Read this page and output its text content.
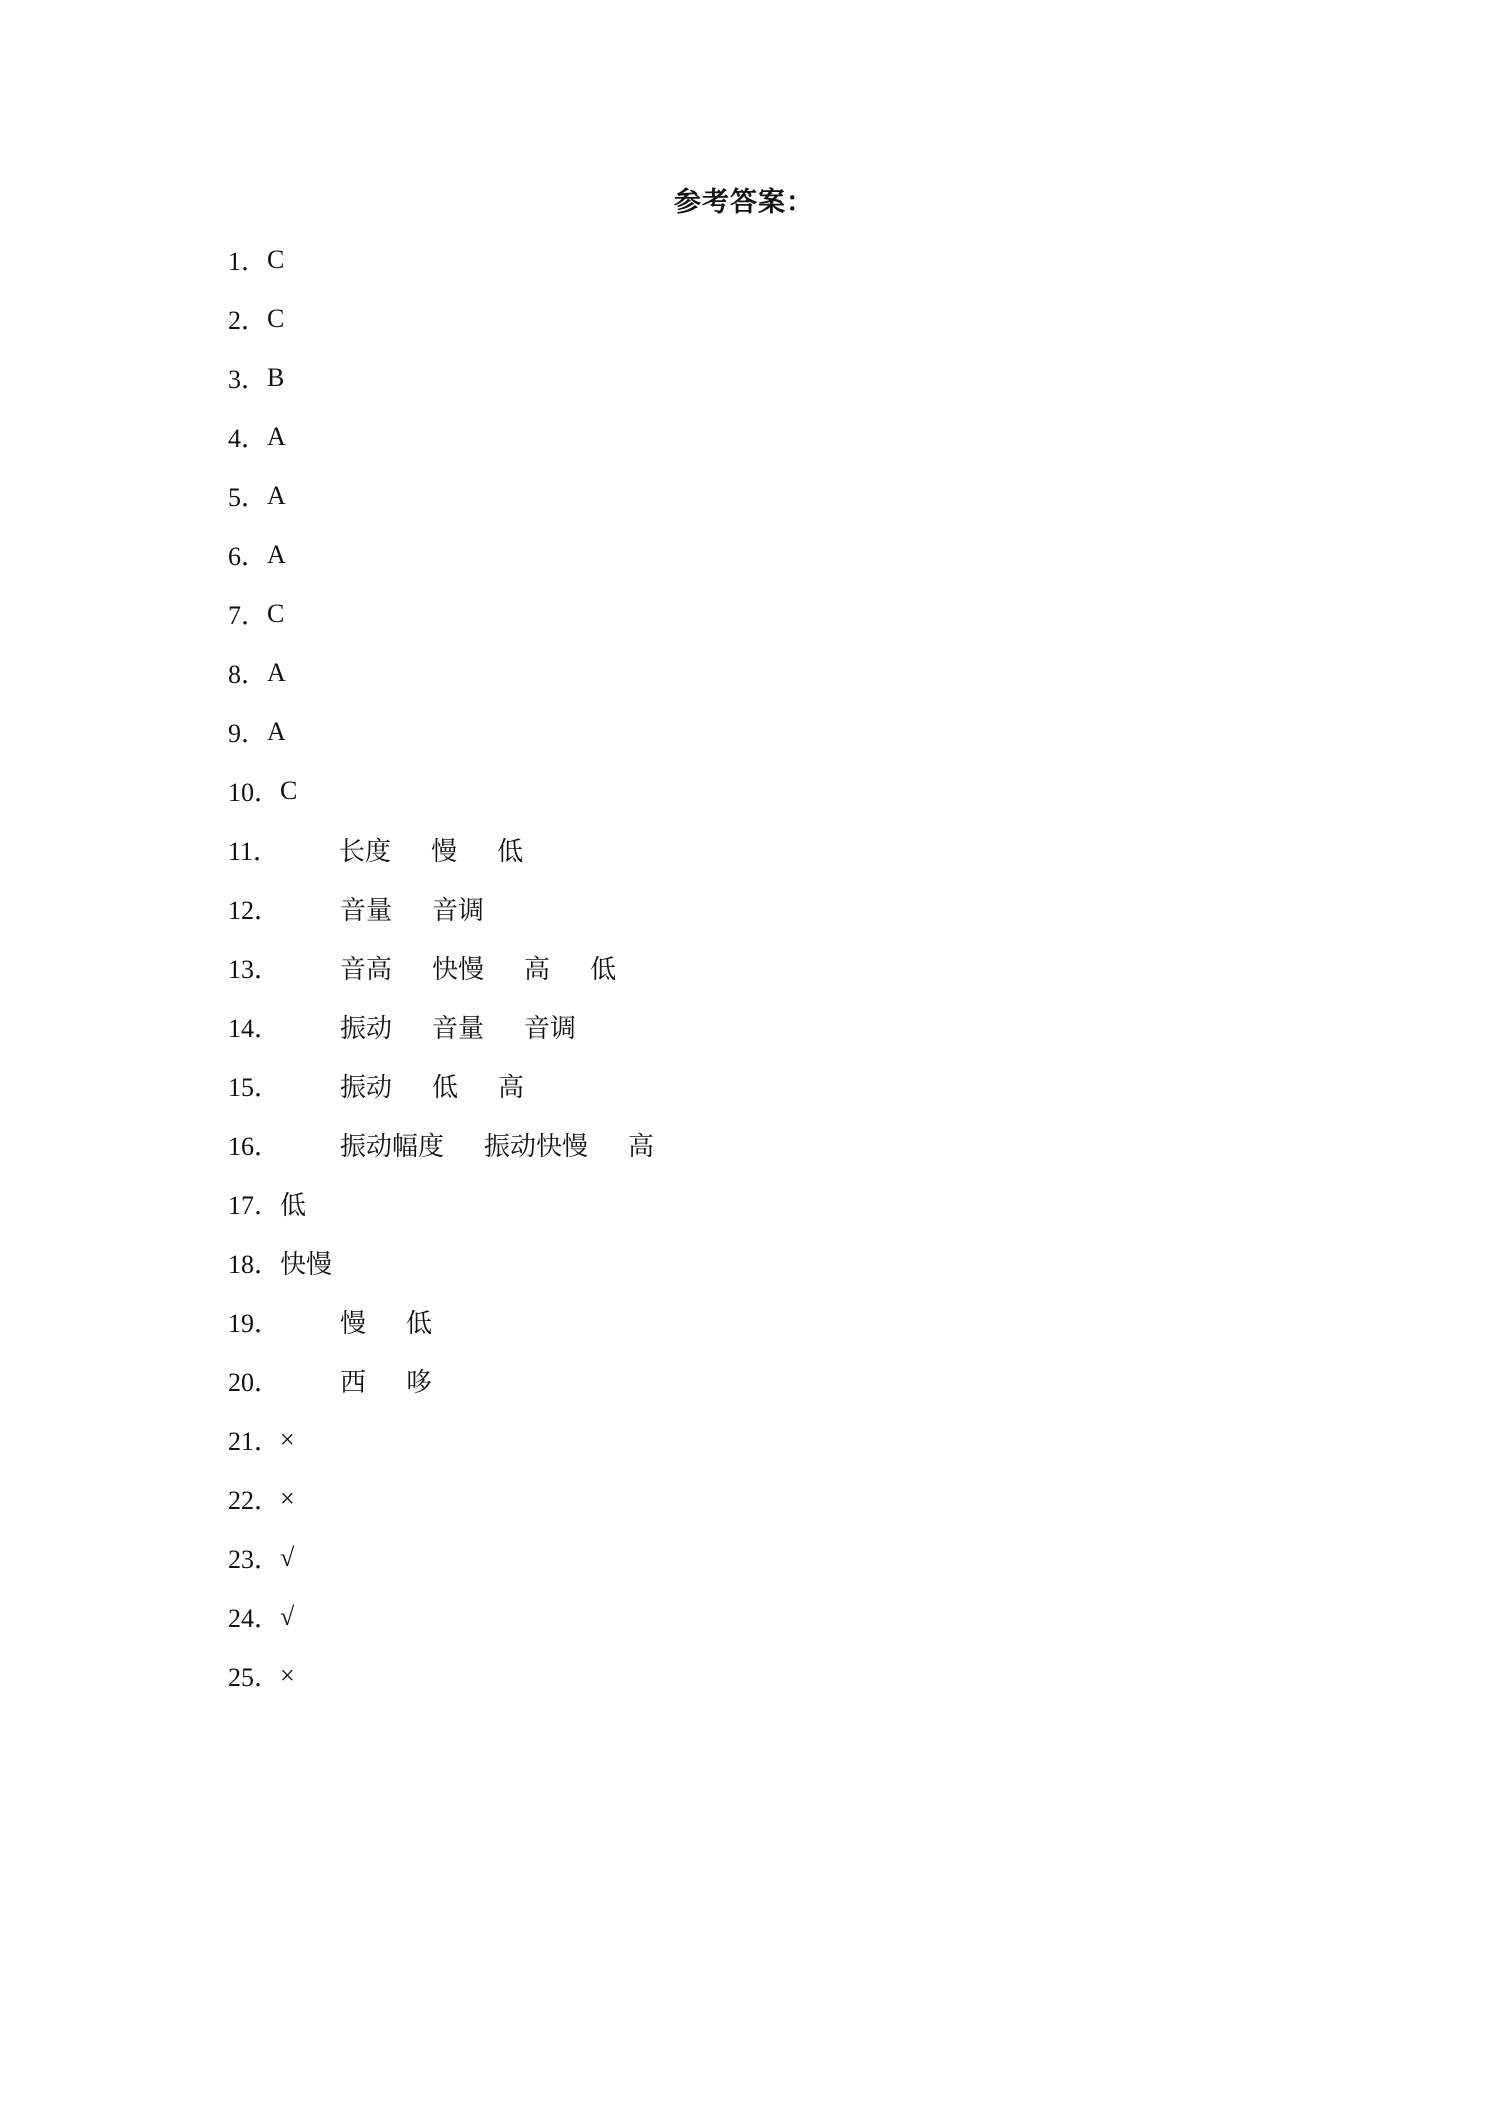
参考答案：
1． C
2． C
3． B
4． A
5． A
6． A
7． C
8． A
9． A
10． C
11． 长度 慢 低
12． 音量 音调
13． 音高 快慢 高 低
14． 振动 音量 音调
15． 振动 低 高
16． 振动幅度 振动快慢 高
17． 低
18． 快慢
19． 慢 低
20． 西 哆
21． ×
22． ×
23． √
24． √
25． ×
